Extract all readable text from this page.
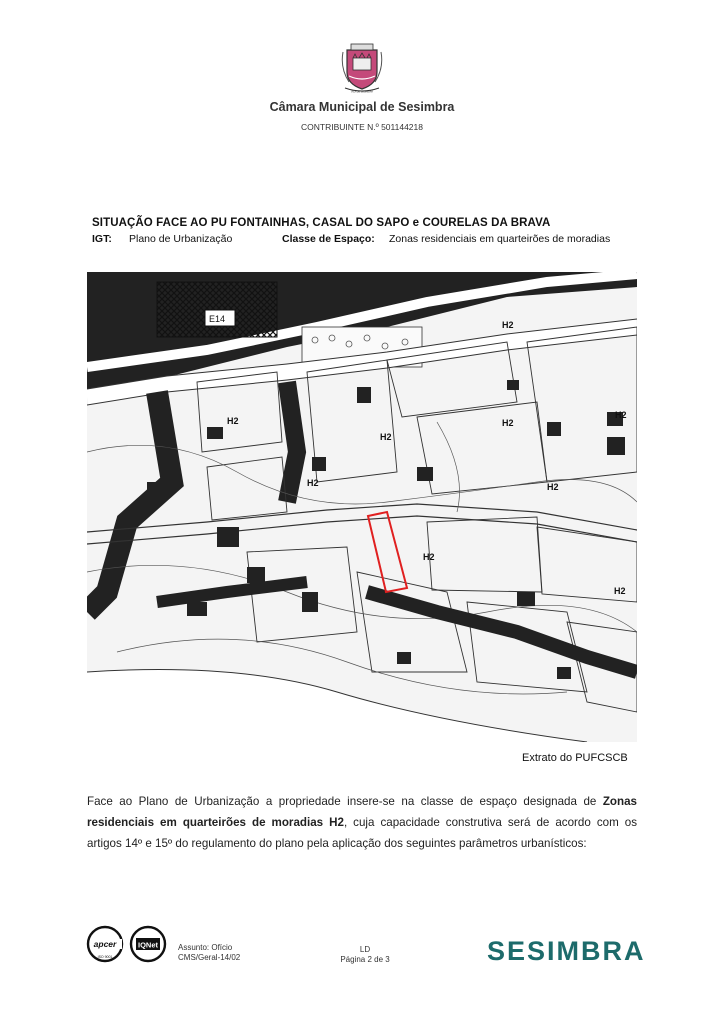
VILA DE SESIMBRA
Câmara Municipal de Sesimbra
CONTRIBUINTE N.º 501144218
SITUAÇÃO FACE AO PU FONTAINHAS, CASAL DO SAPO e COURELAS DA BRAVA
IGT: Plano de Urbanização	Classe de Espaço: Zonas residenciais em quarteirões de moradias
E14
H2
H2
H2
H2
H2
H2
H2
H2
H2
Extrato do PUFCSCB
Face ao Plano de Urbanização a propriedade insere-se na classe de espaço designada de Zonas residenciais em quarteirões de moradias H2, cuja capacidade construtiva será de acordo com os artigos 14º e 15º do regulamento do plano pela aplicação dos seguintes parâmetros urbanísticos:
apcer	IQNet
ISO 9001
Assunto: Ofício
CMS/Geral-14/02
LD
Página 2 de 3	SESIMBRA
